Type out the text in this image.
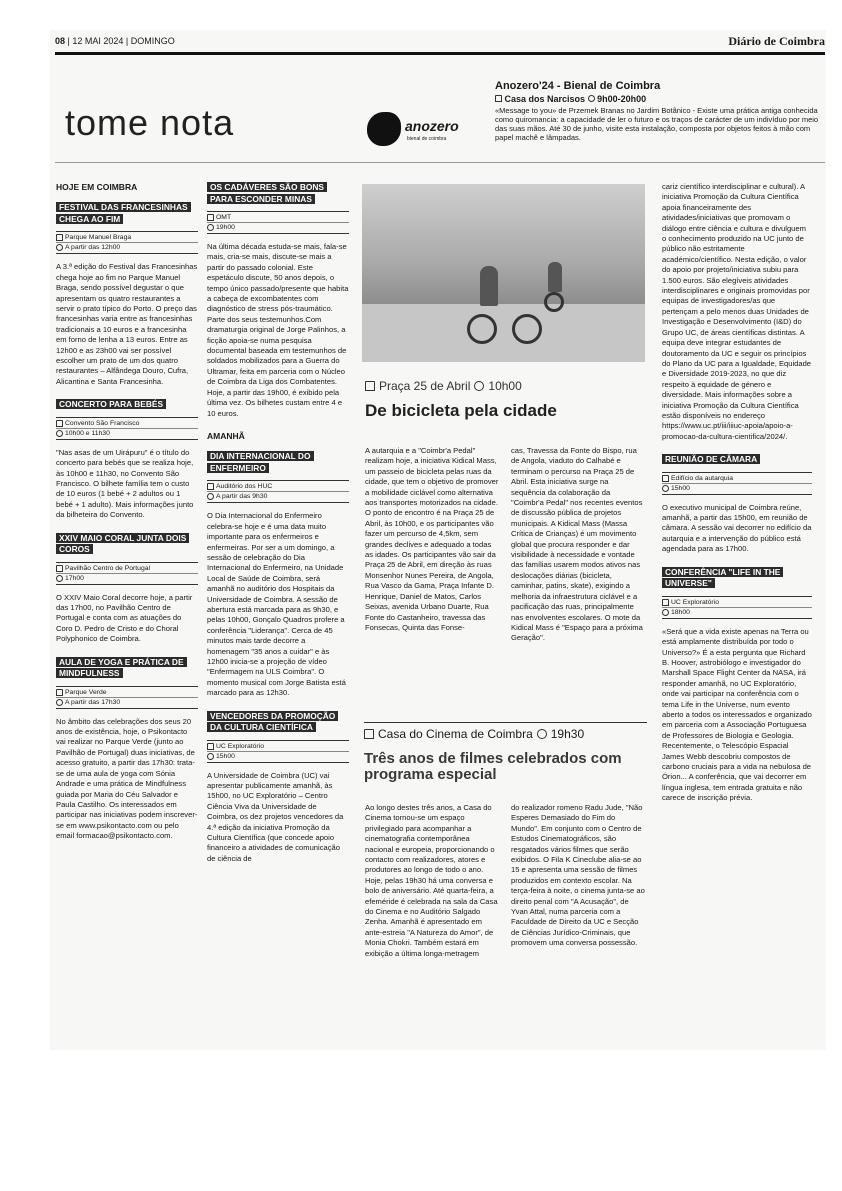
08 | 12 MAI 2024 | DOMINGO	Diário de Coimbra
tome nota	anozero
bienal de coimbra
Anozero'24 - Bienal de Coimbra
Casa dos Narcisos 9h00-20h00

«Message to you» de Przemek Branas no Jardim Botânico - Existe uma prática antiga conhecida como quiromancia: a capacidade de ler o futuro e os traços de carácter de um indivíduo por meio das suas mãos. Até 30 de junho, visite esta instalação, composta por objetos feitos à mão com papel machê e lâmpadas.

HOJE EM COIMBRA
FESTIVAL DAS FRANCESINHAS CHEGA AO FIM
Parque Manuel Braga
A partir das 12h00

A 3.ª edição do Festival das Francesinhas chega hoje ao fim no Parque Manuel Braga, sendo possível degustar o que apresentam os quatro restaurantes a servir o prato típico do Porto. O preço das francesinhas varia entre as francesinhas tradicionais a 10 euros e a francesinha em forno de lenha a 13 euros. Entre as 12h00 e as 23h00 vai ser possível escolher um prato de um dos quatro restaurantes – Alfândega Douro, Cufra, Alicantina e Santa Francesinha.

CONCERTO PARA BEBÉS
Convento São Francisco
10h00 e 11h30

"Nas asas de um Uirápuru" é o título do concerto para bebés que se realiza hoje, às 10h00 e 11h30, no Convento São Francisco. O bilhete família tem o custo de 10 euros (1 bebé + 2 adultos ou 1 bebé + 1 adulto). Mais informações junto da bilheteira do Convento.

XXIV MAIO CORAL JUNTA DOIS COROS
Pavilhão Centro de Portugal
17h00

O XXIV Maio Coral decorre hoje, a partir das 17h00, no Pavilhão Centro de Portugal e conta com as atuações do Coro D. Pedro de Cristo e do Choral Polyphonico de Coimbra.

AULA DE YOGA E PRÁTICA DE MINDFULNESS
Parque Verde
A partir das 17h30

No âmbito das celebrações dos seus 20 anos de existência, hoje, o Psikontacto vai realizar no Parque Verde (junto ao Pavilhão de Portugal) duas iniciativas, de acesso gratuito, a partir das 17h30: trata-se de uma aula de yoga com Sónia Andrade e uma prática de Mindfulness guiada por Maria do Céu Salvador e Paula Castilho. Os interessados em participar nas iniciativas podem inscrever-se em www.psikontacto.com ou pelo email formacao@psikontacto.com.

OS CADÁVERES SÃO BONS PARA ESCONDER MINAS
OMT
19h00

Na última década estuda-se mais, fala-se mais, cria-se mais, discute-se mais a partir do passado colonial. Este espetáculo discute, 50 anos depois, o tempo único passado/presente que habita a cabeça de excombatentes com diagnóstico de stress pós-traumático. Parte dos seus testemunhos.Com dramaturgia original de Jorge Palinhos, a ficção apoia-se numa pesquisa documental baseada em testemunhos de soldados mobilizados para a Guerra do Ultramar, feita em parceria com o Núcleo de Coimbra da Liga dos Combatentes. Hoje, a partir das 19h00, é exibido pela última vez. Os bilhetes custam entre 4 e 10 euros.

AMANHÃ
DIA INTERNACIONAL DO ENFERMEIRO
Auditório dos HUC
A partir das 9h30

O Dia Internacional do Enfermeiro celebra-se hoje e é uma data muito importante para os enfermeiros e enfermeiras. Por ser a um domingo, a sessão de celebração do Dia Internacional do Enfermeiro, na Unidade Local de Saúde de Coimbra, será amanhã no auditório dos Hospitais da Universidade de Coimbra. A sessão de abertura está marcada para as 9h30, e pelas 10h00, Gonçalo Quadros profere a conferência "Liderança". Cerca de 45 minutos mais tarde decorre a homenagem "35 anos a cuidar" e às 12h00 inicia-se a projeção de vídeo "Enfermagem na ULS Coimbra". O momento musical com Jorge Batista está marcado para as 12h30.

VENCEDORES DA PROMOÇÃO DA CULTURA CIENTÍFICA
UC Exploratório
15h00

A Universidade de Coimbra (UC) vai apresentar publicamente amanhã, às 15h00, no UC Exploratório – Centro Ciência Viva da Universidade de Coimbra, os dez projetos vencedores da 4.ª edição da iniciativa Promoção da Cultura Científica (que concede apoio financeiro a atividades de comunicação de ciência de

Praça 25 de Abril 10h00
De bicicleta pela cidade

A autarquia e a "Coimbr'a Pedal" realizam hoje, a iniciativa Kidical Mass, um passeio de bicicleta pelas ruas da cidade, que tem o objetivo de promover a mobilidade ciclável como alternativa aos transportes motorizados na cidade. O ponto de encontro é na Praça 25 de Abril, às 10h00, e os participantes vão fazer um percurso de 4,5km, sem grandes declives e adequado a todas as idades. Os participantes vão sair da Praça 25 de Abril, em direção às ruas Monsenhor Nunes Pereira, de Angola, Rua Vasco da Gama, Praça Infante D. Henrique, Daniel de Matos, Carlos Seixas, avenida Urbano Duarte, Rua Fonte do Castanheiro, travessa das Fonsecas, Quinta das Fonse-

cas, Travessa da Fonte do Bispo, rua de Angola, viaduto do Calhabé e terminam o percurso na Praça 25 de Abril. Esta iniciativa surge na sequência da colaboração da "Coimbr'a Pedal" nos recentes eventos de discussão pública de projetos municipais. A Kidical Mass (Massa Crítica de Crianças) é um movimento global que procura responder e dar visibilidade à necessidade e vontade das famílias usarem modos ativos nas deslocações diárias (bicicleta, caminhar, patins, skate), exigindo a melhoria da infraestrutura ciclável e a pacificação das ruas, principalmente nas envolventes escolares. O mote da Kidical Mass é "Espaço para a próxima Geração".

Casa do Cinema de Coimbra 19h30
Três anos de filmes celebrados com programa especial

Ao longo destes três anos, a Casa do Cinema tornou-se um espaço privilegiado para acompanhar a cinematografia contemporânea nacional e europeia, proporcionando o contacto com realizadores, atores e produtores ao longo de todo o ano. Hoje, pelas 19h30 há uma conversa e bolo de aniversário. Até quarta-feira, a efeméride é celebrada na sala da Casa do Cinema e no Auditório Salgado Zenha. Amanhã é apresentado em ante-estreia "A Natureza do Amor", de Monia Chokri. Também estará em exibição a última longa-metragem

do realizador romeno Radu Jude, "Não Esperes Demasiado do Fim do Mundo". Em conjunto com o Centro de Estudos Cinematográficos, são resgatados vários filmes que serão exibidos. O Fila K Cineclube alia-se ao 15 e apresenta uma sessão de filmes produzidos em contexto escolar. Na terça-feira à noite, o cinema junta-se ao direito penal com "A Acusação", de Yvan Attal, numa parceria com a Faculdade de Direito da UC e Secção de Ciências Jurídico-Criminais, que promovem uma conversa possessão.

cariz científico interdisciplinar e cultural). A iniciativa Promoção da Cultura Científica apoia financeiramente des atividades/iniciativas que promovam o diálogo entre ciência e cultura e divulguem o conhecimento produzido na UC junto de público não estritamente académico/científico. Nesta edição, o valor do apoio por projeto/iniciativa subiu para 1.500 euros. São elegíveis atividades interdisciplinares e originais promovidas por equipas de investigadores/as que pertençam a pelo menos duas Unidades de Investigação e Desenvolvimento (I&D) do Grupo UC, de áreas científicas distintas. A equipa deve integrar estudantes de doutoramento da UC e seguir os princípios do Plano da UC para a Igualdade, Equidade e Diversidade 2019-2023, no que diz respeito à equidade de género e diversidade. Mais informações sobre a iniciativa Promoção da Cultura Científica estão disponíveis no endereço https://www.uc.pt/iii/iiiuc-apoia/apoio-a-promocao-da-cultura-cientifica/2024/.

REUNIÃO DE CÂMARA
Edifício da autarquia
15h00

O executivo municipal de Coimbra reúne, amanhã, a partir das 15h00, em reunião de câmara. A sessão vai decorrer no edifício da autarquia e a intervenção do público está agendada para as 17h00.

CONFERÊNCIA "LIFE IN THE UNIVERSE"
UC Exploratório
18h00

«Será que a vida existe apenas na Terra ou está amplamente distribuída por todo o Universo?» É a esta pergunta que Richard B. Hoover, astrobiólogo e investigador do Marshall Space Flight Center da NASA, irá responder amanhã, no UC Exploratório, onde vai participar na conferência com o tema Life in the Universe, num evento aberto a todos os interessados e organizado em parceria com a Associação Portuguesa de Professores de Biologia e Geologia. Recentemente, o Telescópio Espacial James Webb descobriu compostos de carbono cruciais para a vida na nebulosa de Órion... A conferência, que vai decorrer em língua inglesa, tem entrada gratuita e não carece de inscrição prévia.
